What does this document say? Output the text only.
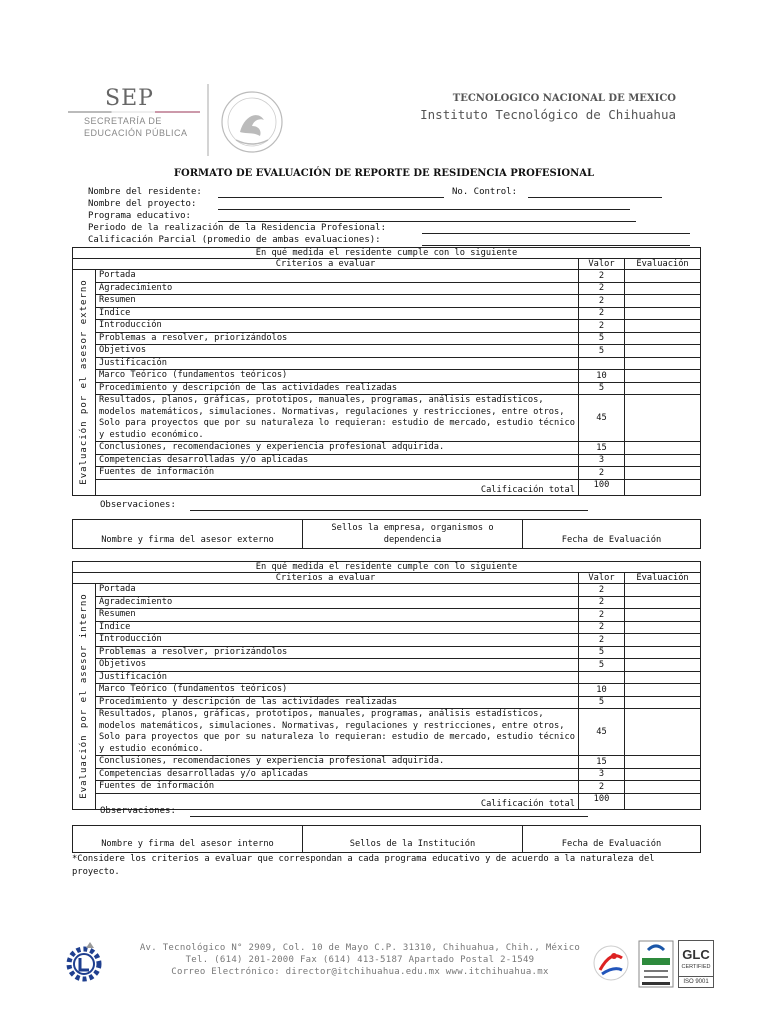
SEP
SECRETARÍA DE
EDUCACIÓN PÚBLICA
TECNOLOGICO NACIONAL DE MEXICO
Instituto Tecnológico de Chihuahua
FORMATO DE EVALUACIÓN DE REPORTE DE RESIDENCIA PROFESIONAL
Nombre del residente:	No. Control:
Nombre del proyecto:
Programa educativo:
Periodo de la realización de la Residencia Profesional:
Calificación Parcial (promedio de ambas evaluaciones):
En qué medida el residente cumple con lo siguiente			
Criterios a evaluar		Valor	Evaluación

Evaluación por el asesor externo	Portada	2	
	Agradecimiento	2	
	Resumen	2	
	Índice	2	
	Introducción	2	
	Problemas a resolver, priorizándolos	5	
	Objetivos	5	
	Justificación		
	Marco Teórico (fundamentos teóricos)	10	
	Procedimiento y descripción de las actividades realizadas	5	
	Resultados, planos, gráficas, prototipos, manuales, programas, análisis estadísticos, modelos matemáticos, simulaciones. Normativas, regulaciones y restricciones, entre otros, Solo para proyectos que por su naturaleza lo requieran: estudio de mercado, estudio técnico y estudio económico.	45	
	Conclusiones, recomendaciones y experiencia profesional adquirida.	15	
	Competencias desarrolladas y/o aplicadas	3	
	Fuentes de información	2	
	Calificación total	100	
Observaciones:
Nombre y firma del asesor externo	Sellos la empresa, organismos o dependencia	Fecha de Evaluación
En qué medida el residente cumple con lo siguiente			
Criterios a evaluar		Valor	Evaluación

Evaluación por el asesor interno	Portada	2	
	Agradecimiento	2	
	Resumen	2	
	Índice	2	
	Introducción	2	
	Problemas a resolver, priorizándolos	5	
	Objetivos	5	
	Justificación		
	Marco Teórico (fundamentos teóricos)	10	
	Procedimiento y descripción de las actividades realizadas	5	
	Resultados, planos, gráficas, prototipos, manuales, programas, análisis estadísticos, modelos matemáticos, simulaciones. Normativas, regulaciones y restricciones, entre otros, Solo para proyectos que por su naturaleza lo requieran: estudio de mercado, estudio técnico y estudio económico.	45	
	Conclusiones, recomendaciones y experiencia profesional adquirida.	15	
	Competencias desarrolladas y/o aplicadas	3	
	Fuentes de información	2	
	Calificación total	100	
Observaciones:
Nombre y firma del asesor interno	Sellos de la Institución	Fecha de Evaluación
*Considere los criterios a evaluar que correspondan a cada programa educativo y de acuerdo a la naturaleza del proyecto.
Av. Tecnológico N° 2909, Col. 10 de Mayo C.P. 31310, Chihuahua, Chih., México
Tel. (614) 201-2000 Fax (614) 413-5187 Apartado Postal 2-1549
Correo Electrónico: director@itchihuahua.edu.mx www.itchihuahua.mx
GLC
CERTIFIED
ISO 9001
